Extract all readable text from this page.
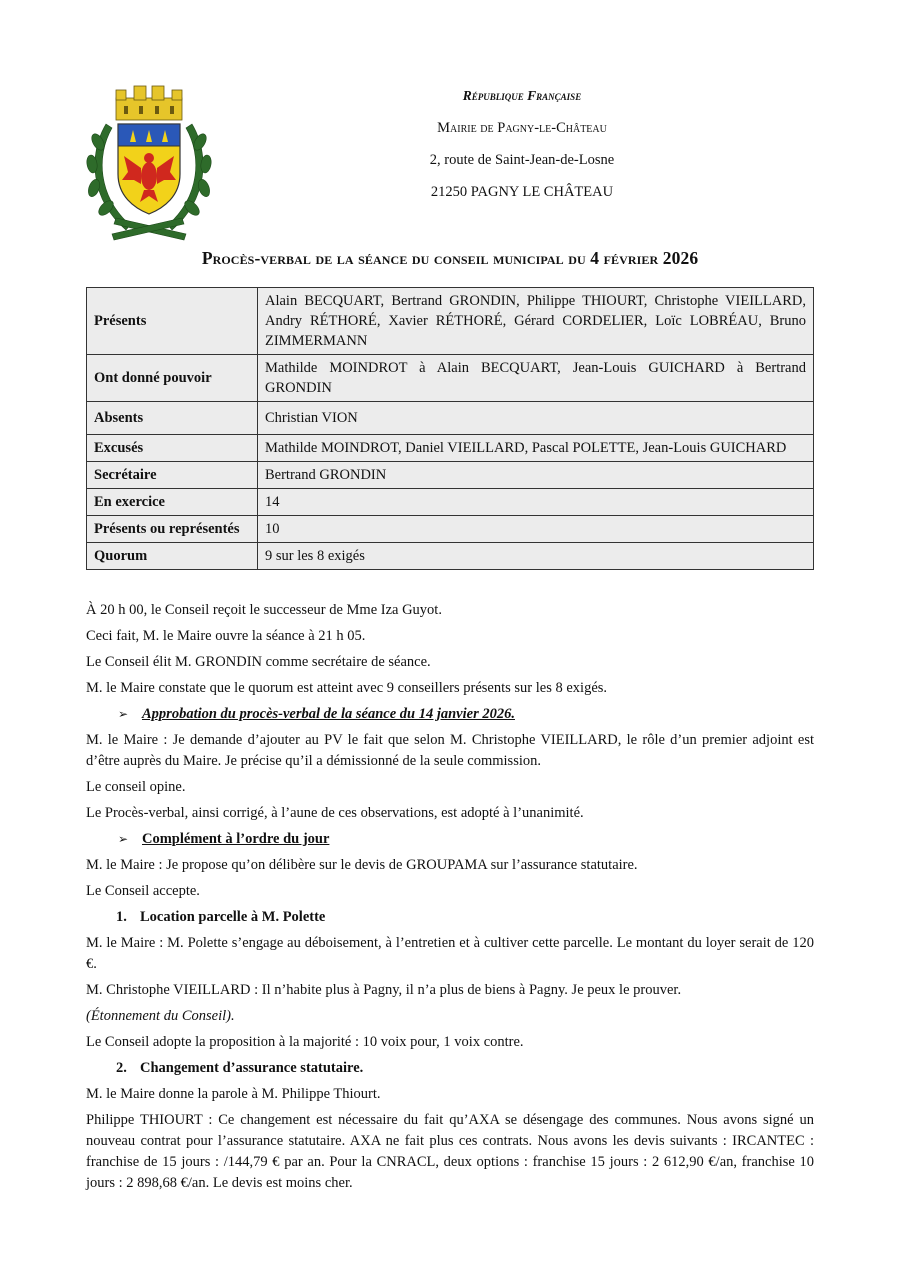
République Française
Mairie de Pagny-le-Château
2, route de Saint-Jean-de-Losne
21250 PAGNY LE CHÂTEAU
Procès-verbal de la séance du conseil municipal du 4 février 2026
Présents	Alain BECQUART, Bertrand GRONDIN, Philippe THIOURT, Christophe VIEILLARD, Andry RÉTHORÉ, Xavier RÉTHORÉ, Gérard CORDELIER, Loïc LOBRÉAU, Bruno ZIMMERMANN
Ont donné pouvoir	Mathilde MOINDROT à Alain BECQUART, Jean-Louis GUICHARD à Bertrand GRONDIN
Absents	Christian VION
Excusés	Mathilde MOINDROT, Daniel VIEILLARD, Pascal POLETTE, Jean-Louis GUICHARD
Secrétaire	Bertrand GRONDIN
En exercice	14
Présents ou représentés	10
Quorum	9 sur les 8 exigés

À 20 h 00, le Conseil reçoit le successeur de Mme Iza Guyot.

Ceci fait, M. le Maire ouvre la séance à 21 h 05.

Le Conseil élit M. GRONDIN comme secrétaire de séance.

M. le Maire constate que le quorum est atteint avec 9 conseillers présents sur les 8 exigés.

➢ Approbation du procès-verbal de la séance du 14 janvier 2026.

M. le Maire : Je demande d’ajouter au PV le fait que selon M. Christophe VIEILLARD, le rôle d’un premier adjoint est d’être auprès du Maire. Je précise qu’il a démissionné de la seule commission.

Le conseil opine.

Le Procès-verbal, ainsi corrigé, à l’aune de ces observations, est adopté à l’unanimité.

➢ Complément à l’ordre du jour

M. le Maire : Je propose qu’on délibère sur le devis de GROUPAMA sur l’assurance statutaire.

Le Conseil accepte.

1. Location parcelle à M. Polette

M. le Maire : M. Polette s’engage au déboisement, à l’entretien et à cultiver cette parcelle. Le montant du loyer serait de 120 €.

M. Christophe VIEILLARD : Il n’habite plus à Pagny, il n’a plus de biens à Pagny. Je peux le prouver.

(Étonnement du Conseil).

Le Conseil adopte la proposition à la majorité : 10 voix pour, 1 voix contre.

2. Changement d’assurance statutaire.

M. le Maire donne la parole à M. Philippe Thiourt.

Philippe THIOURT : Ce changement est nécessaire du fait qu’AXA se désengage des communes. Nous avons signé un nouveau contrat pour l’assurance statutaire. AXA ne fait plus ces contrats. Nous avons les devis suivants : IRCANTEC : franchise de 15 jours : /144,79 € par an. Pour la CNRACL, deux options : franchise 15 jours : 2 612,90 €/an, franchise 10 jours : 2 898,68 €/an. Le devis est moins cher.
